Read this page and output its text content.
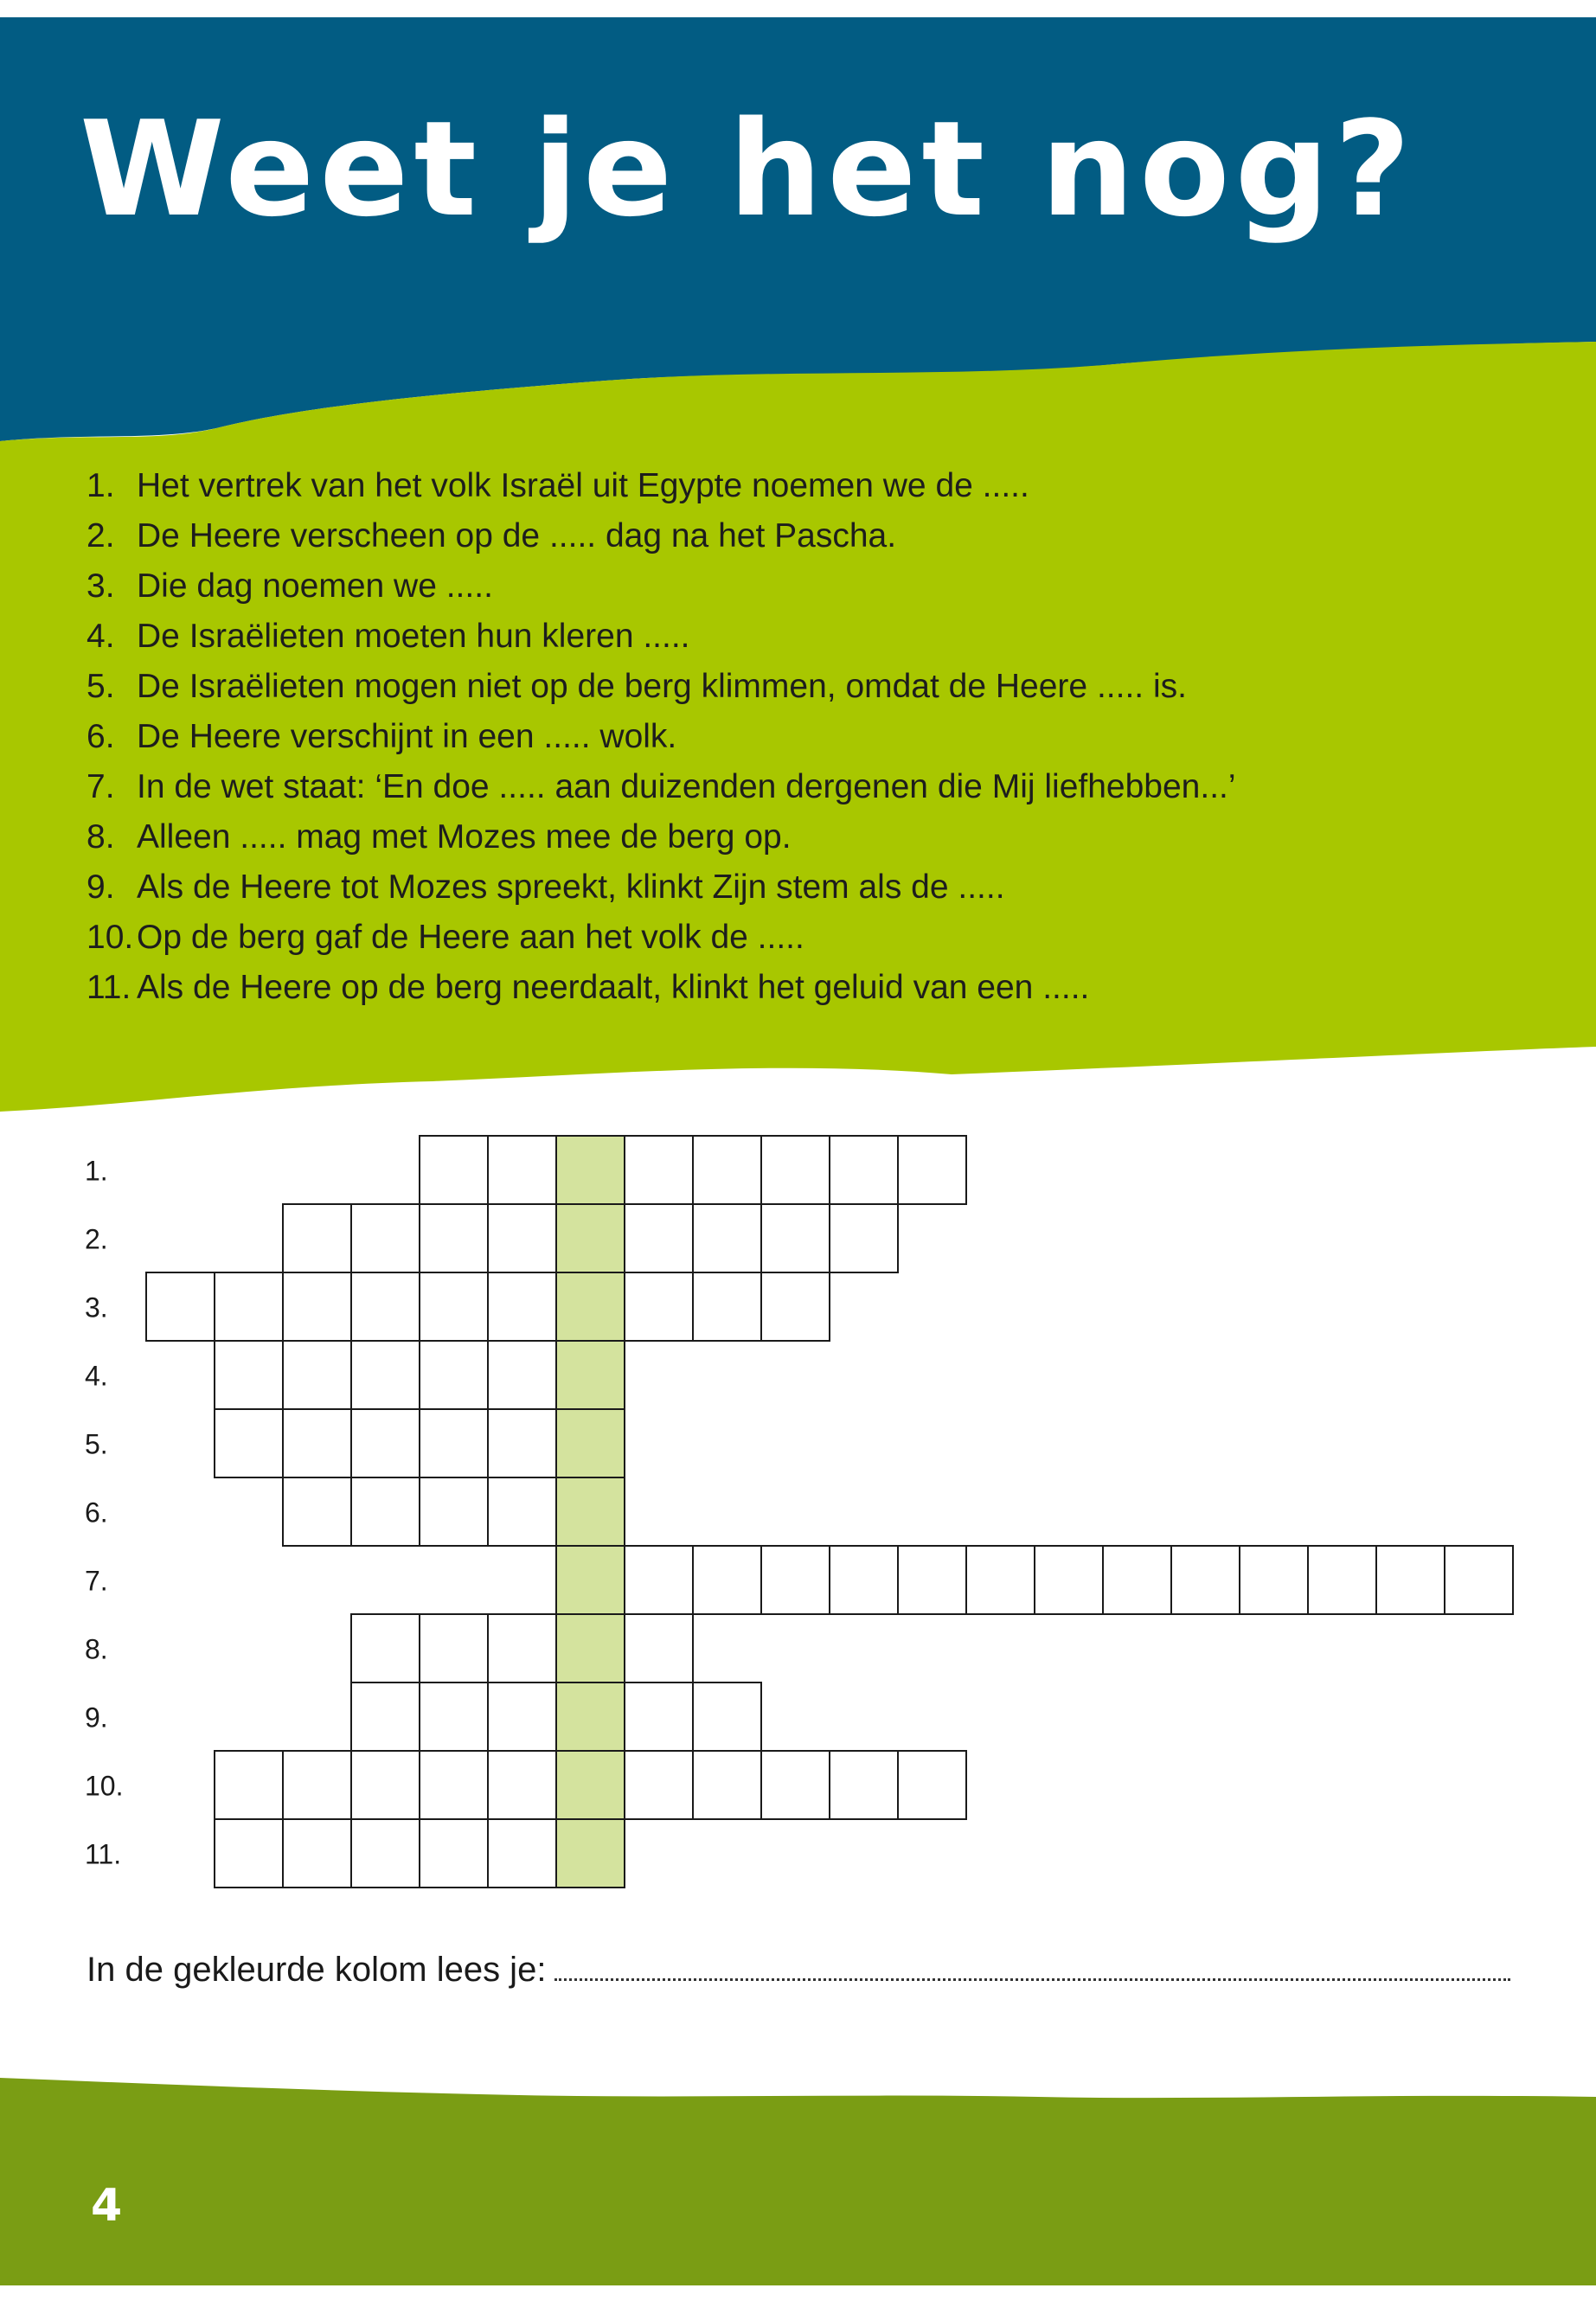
Weet je het nog?
1. Het vertrek van het volk Israël uit Egypte noemen we de .....
2. De Heere verscheen op de ..... dag na het Pascha.
3. Die dag noemen we .....
4. De Israëlieten moeten hun kleren .....
5. De Israëlieten mogen niet op de berg klimmen, omdat de Heere ..... is.
6. De Heere verschijnt in een ..... wolk.
7. In de wet staat: ‘En doe ..... aan duizenden dergenen die Mij liefhebben...’
8. Alleen ..... mag met Mozes mee de berg op.
9. Als de Heere tot Mozes spreekt, klinkt Zijn stem als de .....
10. Op de berg gaf de Heere aan het volk de .....
11. Als de Heere op de berg neerdaalt, klinkt het geluid van een .....
1.
2.
3.
4.
5.
6.
7.
8.
9.
10.
11.
In de gekleurde kolom lees je:
4
